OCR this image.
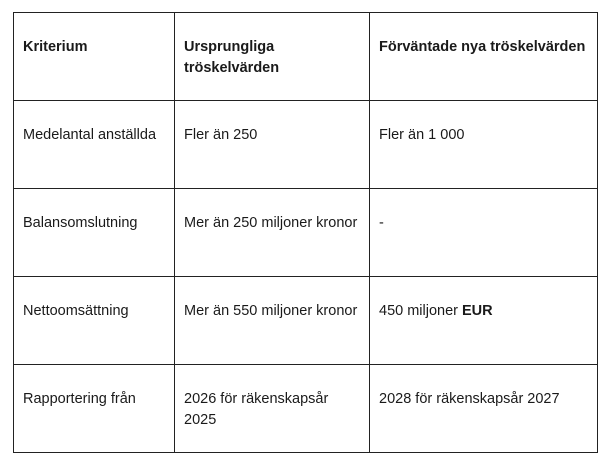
Kriterium	Ursprungliga tröskelvärden	Förväntade nya tröskelvärden
Medelantal anställda	Fler än 250	Fler än 1 000
Balansomslutning	Mer än 250 miljoner kronor	-
Nettoomsättning	Mer än 550 miljoner kronor	450 miljoner EUR
Rapportering från	2026 för räkenskapsår 2025	2028 för räkenskapsår 2027
